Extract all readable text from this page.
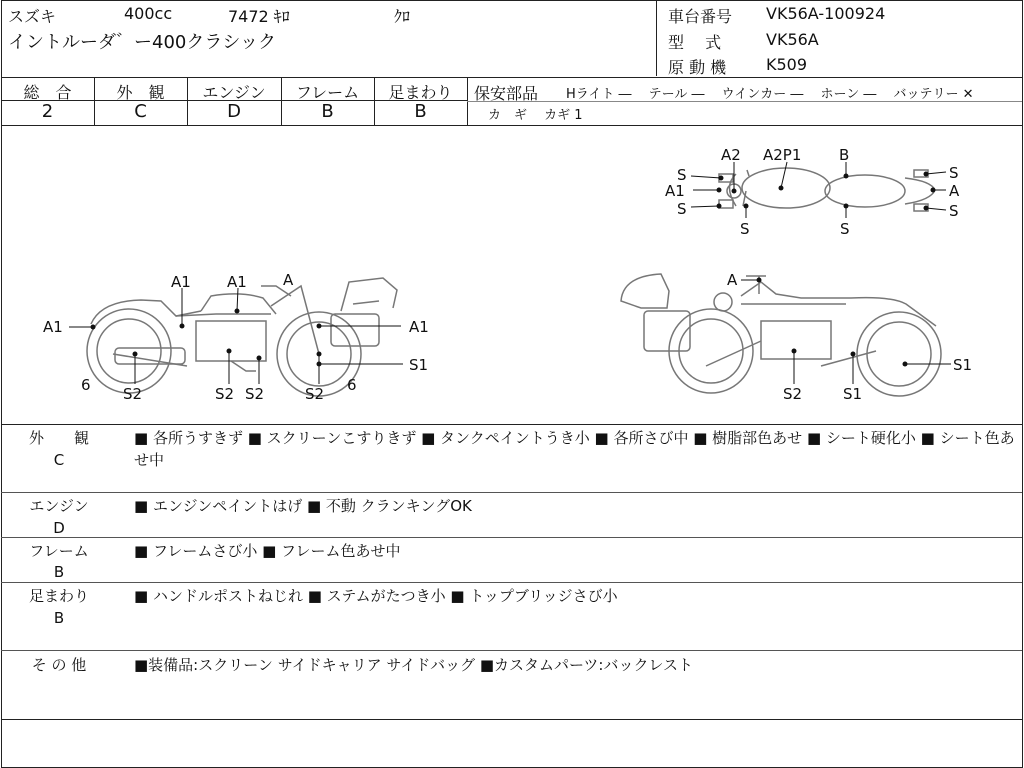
スズキ	400cc	7472 ｷﾛ	ｸﾛ
イントルーダ゛ー400クラシック
車台番号 VK56A-100924
型　 式	VK56A
原 動 機 K509
総　合	外　観	エンジン	フレーム	足まわり
2	C	D	B	B
保安部品 Hライト ―　 テール ―　 ウインカー ―　 ホーン ―　 バッテリー ✕
カ　ギ　 カギ 1
A2 A2P1	B
S	S
A1	A
S	S
S	S
A1
A1	A
A1
A1
S1
6 S2	S2 S2	S2 6
A
S1
S2	S1
外　　観
C
■ 各所うすきず ■ スクリーンこすりきず ■ タンクペイントうき小 ■ 各所さび中 ■ 樹脂部色あせ ■ シート硬化小 ■ シート色あせ中
エンジン
D
■ エンジンペイントはげ ■ 不動 クランキングOK
フレーム
B
■ フレームさび小 ■ フレーム色あせ中
足まわり
B
■ ハンドルポストねじれ ■ ステムがたつき小 ■ トップブリッジさび小
そ の 他	■装備品:スクリーン サイドキャリア サイドバッグ ■カスタムパーツ:バックレスト
